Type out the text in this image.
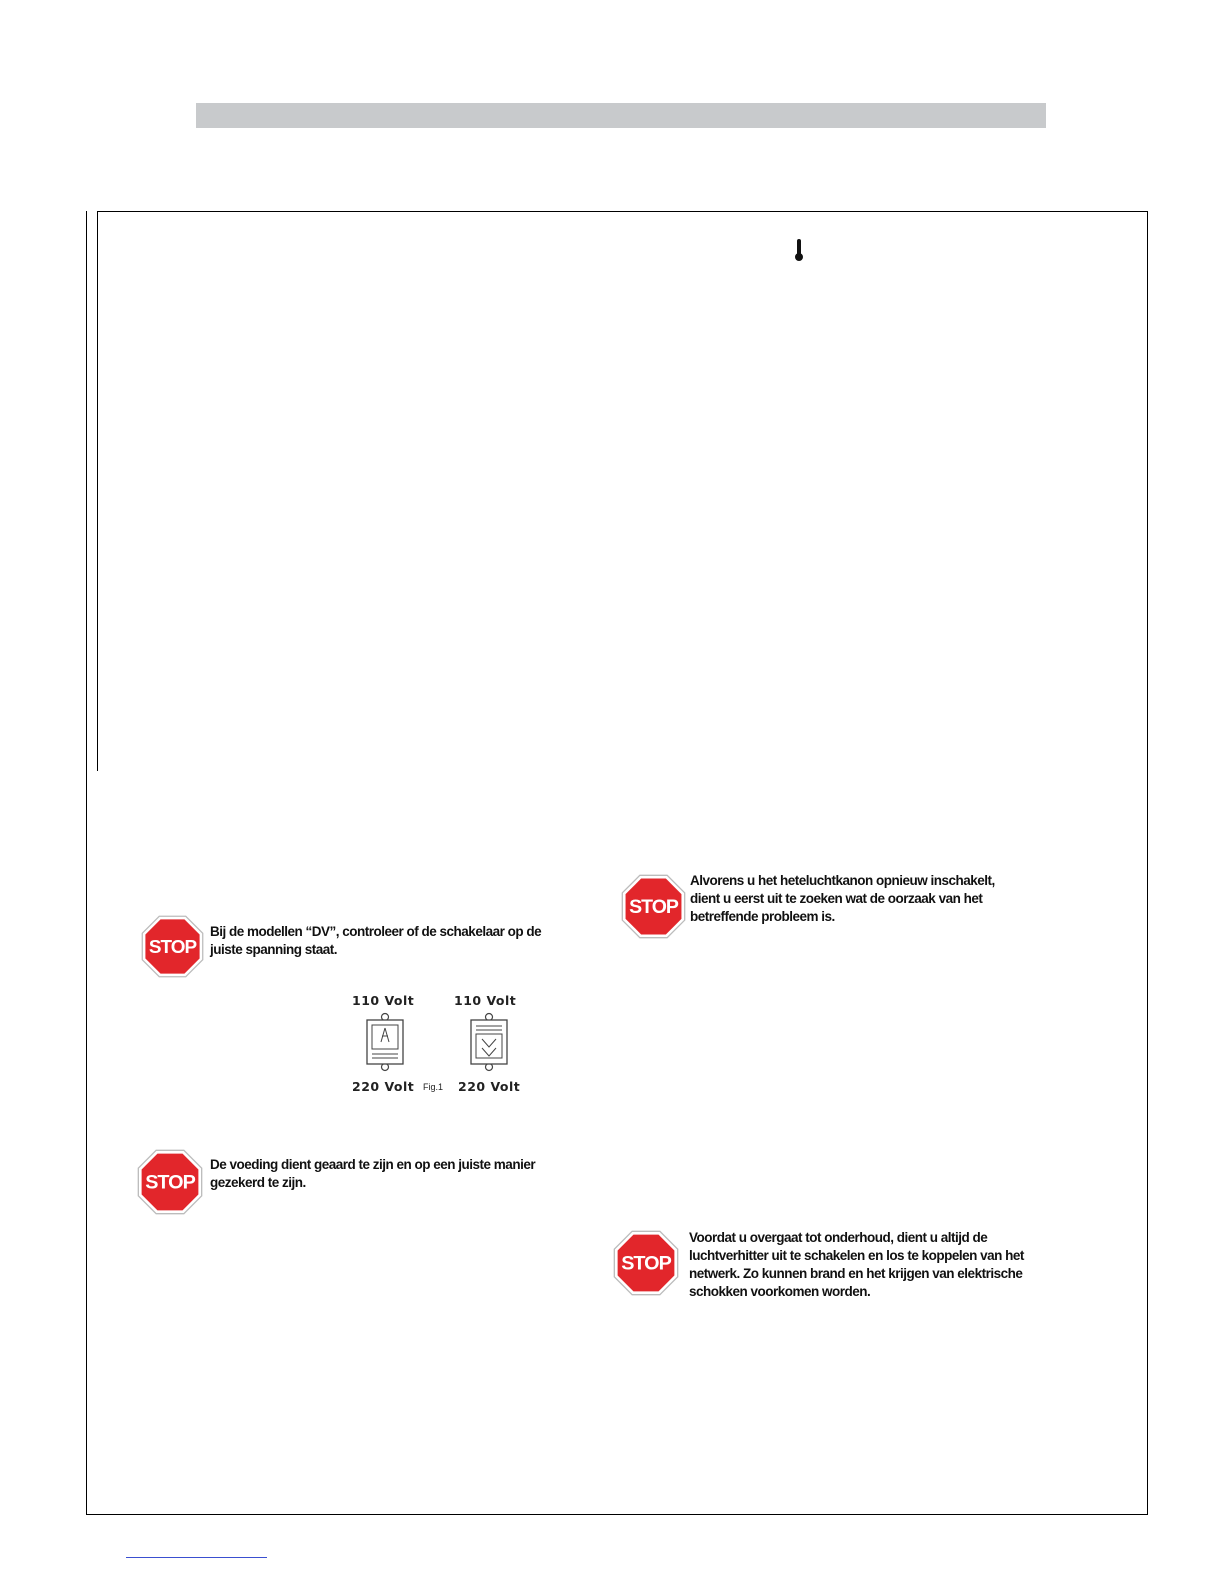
STOP
Bij de modellen “DV”, controleer of de schakelaar op de juiste spanning staat.
110 Volt	110 Volt
220 Volt Fig.1 220 Volt
STOP
De voeding dient geaard te zijn en op een juiste manier gezekerd te zijn.
STOP
Alvorens u het heteluchtkanon opnieuw inschakelt, dient u eerst uit te zoeken wat de oorzaak van het betreffende probleem is.
STOP
Voordat u overgaat tot onderhoud, dient u altijd de luchtverhitter uit te schakelen en los te koppelen van het netwerk. Zo kunnen brand en het krijgen van elektrische schokken voorkomen worden.
